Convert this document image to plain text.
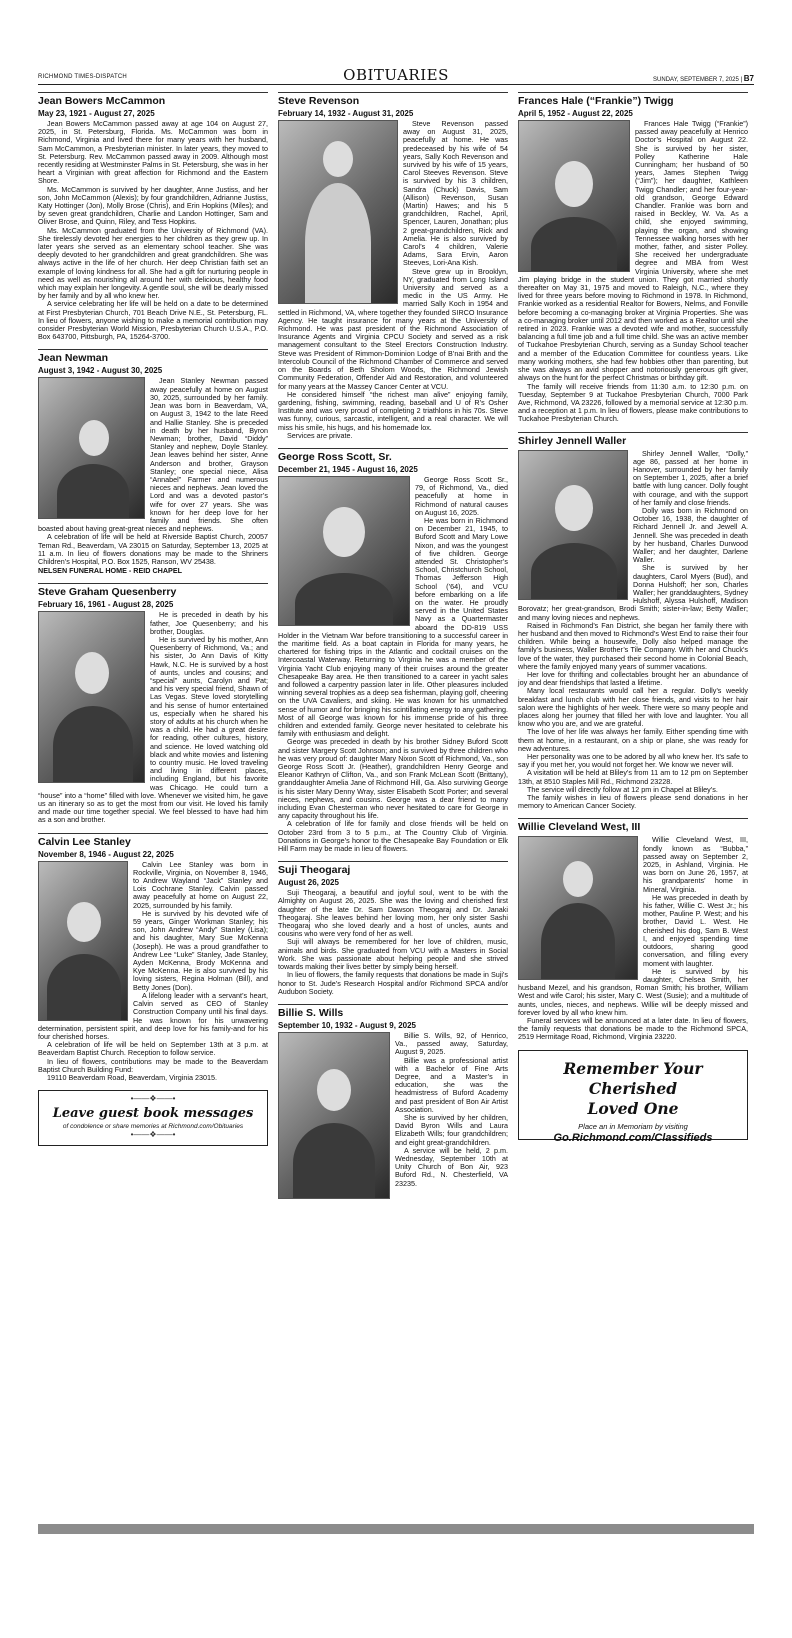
RICHMOND TIMES-DISPATCH	OBITUARIES	SUNDAY, SEPTEMBER 7, 2025 | B7
Jean Bowers McCammon
May 23, 1921 - August 27, 2025

Jean Bowers McCammon passed away at age 104 on August 27, 2025, in St. Petersburg, Florida. Ms. McCammon was born in Richmond, Virginia and lived there for many years with her husband, Sam McCammon, a Presbyterian minister. In later years, they moved to St. Petersburg. Rev. McCammon passed away in 2009. Although most recently residing at Westminster Palms in St. Petersburg, she was in her heart a Virginian with great affection for Richmond and the Eastern Shore.

Ms. McCammon is survived by her daughter, Anne Justiss, and her son, John McCammon (Alexis); by four grandchildren, Adrianne Justiss, Katy Hottinger (Jon), Molly Brose (Chris), and Erin Hopkins (Miles); and by seven great grandchildren, Charlie and Landon Hottinger, Sam and Oliver Brose, and Quinn, Riley, and Tess Hopkins.

Ms. McCammon graduated from the University of Richmond (VA). She tirelessly devoted her energies to her children as they grew up. In later years she served as an elementary school teacher. She was deeply devoted to her grandchildren and great grandchildren. She was always active in the life of her church. Her deep Christian faith set an example of loving kindness for all. She had a gift for nurturing people in need as well as nourishing all around her with delicious, healthy food which may explain her longevity. A gentle soul, she will be dearly missed by her family and by all who knew her.

A service celebrating her life will be held on a date to be determined at First Presbyterian Church, 701 Beach Drive N.E., St. Petersburg, FL. In lieu of flowers, anyone wishing to make a memorial contribution may consider Presbyterian World Mission, Presbyterian Church U.S.A., P.O. Box 643700, Pittsburgh, PA, 15264-3700.

Jean Newman
August 3, 1942 - August 30, 2025

Jean Stanley Newman passed away peacefully at home on August 30, 2025, surrounded by her family. Jean was born in Beaverdam, VA, on August 3, 1942 to the late Reed and Hallie Stanley. She is preceded in death by her husband, Byron Newman; brother, David “Diddy” Stanley and nephew, Doyle Stanley. Jean leaves behind her sister, Anne Anderson and brother, Grayson Stanley; one special niece, Alisa “Annabel” Farmer and numerous nieces and nephews. Jean loved the Lord and was a devoted pastor’s wife for over 27 years. She was known for her deep love for her family and friends. She often boasted about having great-great nieces and nephews.

A celebration of life will be held at Riverside Baptist Church, 20057 Teman Rd., Beaverdam, VA 23015 on Saturday, September 13, 2025 at 11 a.m. In lieu of flowers donations may be made to the Shriners Children’s Hospital, P.O. Box 1525, Ranson, WV 25438.

NELSEN FUNERAL HOME - REID CHAPEL
Steve Graham Quesenberry
February 16, 1961 - August 28, 2025

He is preceded in death by his father, Joe Quesenberry; and his brother, Douglas.

He is survived by his mother, Ann Quesenberry of Richmond, Va.; and his sister, Jo Ann Davis of Kitty Hawk, N.C. He is survived by a host of aunts, uncles and cousins; and “special” aunts, Carolyn and Pat; and his very special friend, Shawn of Las Vegas. Steve loved storytelling and his sense of humor entertained us, especially when he shared his story of adults at his church when he was a child. He had a great desire for reading, other cultures, history, and science. He loved watching old black and white movies and listening to country music. He loved traveling and living in different places, including England, but his favorite was Chicago. He could turn a “house” into a “home” filled with love. Whenever we visited him, he gave us an itinerary so as to get the most from our visit. He loved his family and made our time together special. We feel blessed to have had him as a son and brother.

Calvin Lee Stanley
November 8, 1946 - August 22, 2025

Calvin Lee Stanley was born in Rockville, Virginia, on November 8, 1946, to Andrew Wayland “Jack” Stanley and Lois Cochrane Stanley. Calvin passed away peacefully at home on August 22, 2025, surrounded by his family.

He is survived by his devoted wife of 59 years, Ginger Workman Stanley; his son, John Andrew “Andy” Stanley (Lisa); and his daughter, Mary Sue McKenna (Joseph). He was a proud grandfather to Andrew Lee “Luke” Stanley, Jade Stanley, Ayden McKenna, Brody McKenna and Kye McKenna. He is also survived by his loving sisters, Regina Holman (Bill), and Betty Jones (Don).

A lifelong leader with a servant’s heart, Calvin served as CEO of Stanley Construction Company until his final days. He was known for his unwavering determination, persistent spirit, and deep love for his family-and for his four cherished horses.

A celebration of life will be held on September 13th at 3 p.m. at Beaverdam Baptist Church. Reception to follow service.

In lieu of flowers, contributions may be made to the Beaverdam Baptist Church Building Fund:

19110 Beaverdam Road, Beaverdam, Virginia 23015.

•——❖——•
Leave guest book messages
of condolence or share memories at Richmond.com/Obituaries
•——❖——•
Steve Revenson
February 14, 1932 - August 31, 2025

Steve Revenson passed away on August 31, 2025, peacefully at home. He was predeceased by his wife of 54 years, Sally Koch Revenson and survived by his wife of 15 years, Carol Steeves Revenson. Steve is survived by his 3 children, Sandra (Chuck) Davis, Sam (Allison) Revenson, Susan (Martin) Hawes; and his 5 grandchildren, Rachel, April, Spencer, Lauren, Jonathan; plus 2 great-grandchildren, Rick and Amelia. He is also survived by Carol’s 4 children, Valerie Adams, Sara Ervin, Aaron Steeves, Lori-Ana Kish.

Steve grew up in Brooklyn, NY, graduated from Long Island University and served as a medic in the US Army. He married Sally Koch in 1954 and settled in Richmond, VA, where together they founded SIRCO Insurance Agency. He taught insurance for many years at the University of Richmond. He was past president of the Richmond Association of Insurance Agents and Virginia CPCU Society and served as a risk management consultant to the Steel Erectors Construction Industry. Steve was President of Rimmon-Dominion Lodge of B’nai Brith and the Intercolub Council of the Richmond Chamber of Commerce and served on the Boards of Beth Sholom Woods, the Richmond Jewish Community Federation, Offender Aid and Restoration, and volunteered for many years at the Massey Cancer Center at VCU.

He considered himself “the richest man alive” enjoying family, gardening, fishing, swimming, reading, baseball and U of R’s Osher Institute and was very proud of completing 2 triathlons in his 70s. Steve was funny, curious, sarcastic, intelligent, and a real character. We will miss his smile, his hugs, and his homemade lox.

Services are private.

George Ross Scott, Sr.
December 21, 1945 - August 16, 2025

George Ross Scott Sr., 79, of Richmond, Va., died peacefully at home in Richmond of natural causes on August 16, 2025.

He was born in Richmond on December 21, 1945, to Buford Scott and Mary Lowe Nixon, and was the youngest of five children. George attended St. Christopher’s School, Christchurch School, Thomas Jefferson High School (’64), and VCU before embarking on a life on the water. He proudly served in the United States Navy as a Quartermaster aboard the DD-819 USS Holder in the Vietnam War before transitioning to a successful career in the maritime field. As a boat captain in Florida for many years, he chartered for fishing trips in the Atlantic and cocktail cruises on the Intercoastal Waterway. Returning to Virginia he was a member of the Virginia Yacht Club enjoying many of their cruises around the greater Chesapeake Bay area. He then transitioned to a career in yacht sales and followed a carpentry passion later in life. Other pleasures included winning several trophies as a deep sea fisherman, playing golf, cheering on the UVA Cavaliers, and skiing. He was known for his unmatched sense of humor and for bringing his scintillating energy to any gathering. Most of all George was known for his immense pride of his three children and extended family. George never hesitated to celebrate his family with enthusiasm and delight.

George was preceded in death by his brother Sidney Buford Scott and sister Margery Scott Johnson; and is survived by three children who he was very proud of: daughter Mary Nixon Scott of Richmond, Va., son George Ross Scott Jr. (Heather), grandchildren Henry George and Eleanor Kathryn of Clifton, Va., and son Frank McLean Scott (Brittany), granddaughter Amelia Jane of Richmond Hill, Ga. Also surviving George is his sister Mary Denny Wray, sister Elisabeth Scott Porter; and several nieces, nephews, and cousins. George was a dear friend to many including Evan Chesterman who never hesitated to care for George in any capacity throughout his life.

A celebration of life for family and close friends will be held on October 23rd from 3 to 5 p.m., at The Country Club of Virginia. Donations in George’s honor to the Chesapeake Bay Foundation or Elk Hill Farm may be made in lieu of flowers.

Suji Theogaraj
August 26, 2025

Suji Theogaraj, a beautiful and joyful soul, went to be with the Almighty on August 26, 2025. She was the loving and cherished first daughter of the late Dr. Sam Dawson Theogaraj and Dr. Janaki Theogaraj. She leaves behind her loving mom, her only sister Sashi Theogaraj who she loved dearly and a host of uncles, aunts and cousins who were very fond of her as well.

Suji will always be remembered for her love of children, music, animals and birds. She graduated from VCU with a Masters in Social Work. She was passionate about helping people and she strived towards making their lives better by simply being herself.

In lieu of flowers, the family requests that donations be made in Suji’s honor to St. Jude’s Research Hospital and/or Richmond SPCA and/or Audubon Society.

Billie S. Wills
September 10, 1932 - August 9, 2025

Billie S. Wills, 92, of Henrico, Va., passed away, Saturday, August 9, 2025.

Billie was a professional artist with a Bachelor of Fine Arts Degree, and a Master’s in education, she was the headmistress of Buford Academy and past president of Bon Air Artist Association.

She is survived by her children, David Byron Wills and Laura Elizabeth Wills; four grandchildren; and eight great-grandchildren.

A service will be held, 2 p.m. Wednesday, September 10th at Unity Church of Bon Air, 923 Buford Rd., N. Chesterfield, VA 23235.

Frances Hale (“Frankie”) Twigg
April 5, 1952 - August 22, 2025

Frances Hale Twigg (“Frankie”) passed away peacefully at Henrico Doctor’s Hospital on August 22. She is survived by her sister, Polley Katherine Hale Cunningham; her husband of 50 years, James Stephen Twigg (“Jim”); her daughter, Kathleen Twigg Chandler; and her four-year-old grandson, George Edward Chandler. Frankie was born and raised in Beckley, W. Va. As a child, she enjoyed swimming, playing the organ, and showing Tennessee walking horses with her mother, father, and sister Polley. She received her undergraduate degree and MBA from West Virginia University, where she met Jim playing bridge in the student union. They got married shortly thereafter on May 31, 1975 and moved to Raleigh, N.C., where they lived for three years before moving to Richmond in 1978. In Richmond, Frankie worked as a residential Realtor for Bowers, Nelms, and Fonville before becoming a co-managing broker at Virginia Properties. She was a co-managing broker until 2012 and then worked as a Realtor until she retired in 2023. Frankie was a devoted wife and mother, successfully balancing a full time job and a full time child. She was an active member of Tuckahoe Presbyterian Church, serving as a Sunday School teacher and a member of the Education Committee for countless years. Like many working mothers, she had few hobbies other than parenting, but she was always an avid shopper and notoriously generous gift giver, always on the hunt for the perfect Christmas or birthday gift.

The family will receive friends from 11:30 a.m. to 12:30 p.m. on Tuesday, September 9 at Tuckahoe Presbyterian Church, 7000 Park Ave, Richmond, VA 23226, followed by a memorial service at 12:30 p.m. and a reception at 1 p.m. In lieu of flowers, please make contributions to Tuckahoe Presbyterian Church.

Shirley Jennell Waller

Shirley Jennell Waller, “Dolly,” age 86, passed at her home in Hanover, surrounded by her family on September 1, 2025, after a brief battle with lung cancer. Dolly fought with courage, and with the support of her family and close friends.

Dolly was born in Richmond on October 16, 1938, the daughter of Richard Jennell Jr. and Jewell A. Jennell. She was preceded in death by her husband, Charles Durwood Waller; and her daughter, Darlene Waller.

She is survived by her daughters, Carol Myers (Bud), and Donna Hulshoff; her son, Charles Waller; her granddaughters, Sydney Hulshoff, Alyssa Hulshoff, Madison Borovatz; her great-grandson, Brodi Smith; sister-in-law; Betty Waller; and many loving nieces and nephews.

Raised in Richmond’s Fan District, she began her family there with her husband and then moved to Richmond’s West End to raise their four children. While being a housewife, Dolly also helped manage the family’s business, Waller Brother’s Tile Company. With her and Chuck’s love of the water, they purchased their second home in Colonial Beach, where the family enjoyed many years of summer vacations.

Her love for thrifting and collectables brought her an abundance of joy and dear friendships that lasted a lifetime.

Many local restaurants would call her a regular. Dolly’s weekly breakfast and lunch club with her close friends, and visits to her hair salon were the highlights of her week. There were so many people and places along her journey that filled her with love and laughter. You all know who you are, and we are grateful.

The love of her life was always her family. Either spending time with them at home, in a restaurant, on a ship or plane, she was ready for new adventures.

Her personality was one to be adored by all who knew her. It’s safe to say if you met her, you would not forget her. We know we never will.

A visitation will be held at Bliley’s from 11 am to 12 pm on September 13th, at 8510 Staples Mill Rd., Richmond 23228.

The service will directly follow at 12 pm in Chapel at Bliley’s.

The family wishes in lieu of flowers please send donations in her memory to American Cancer Society.

Willie Cleveland West, III

Willie Cleveland West, III, fondly known as “Bubba,” passed away on September 2, 2025, in Ashland, Virginia. He was born on June 26, 1957, at his grandparents’ home in Mineral, Virginia.

He was preceded in death by his father, Willie C. West Jr.; his mother, Pauline P. West; and his brother, David L. West. He cherished his dog, Sam B. West I, and enjoyed spending time outdoors, sharing good conversation, and filling every moment with laughter.

He is survived by his daughter, Chelsea Smith, her husband Mezel, and his grandson, Roman Smith; his brother, William West and wife Carol; his sister, Mary C. West (Susie); and a multitude of aunts, uncles, nieces, and nephews. Willie will be deeply missed and forever loved by all who knew him.

Funeral services will be announced at a later date. In lieu of flowers, the family requests that donations be made to the Richmond SPCA, 2519 Hermitage Road, Richmond, Virginia 23220.

Remember Your Cherished
Loved One
Place an in Memoriam by visiting
Go.Richmond.com/Classifieds
